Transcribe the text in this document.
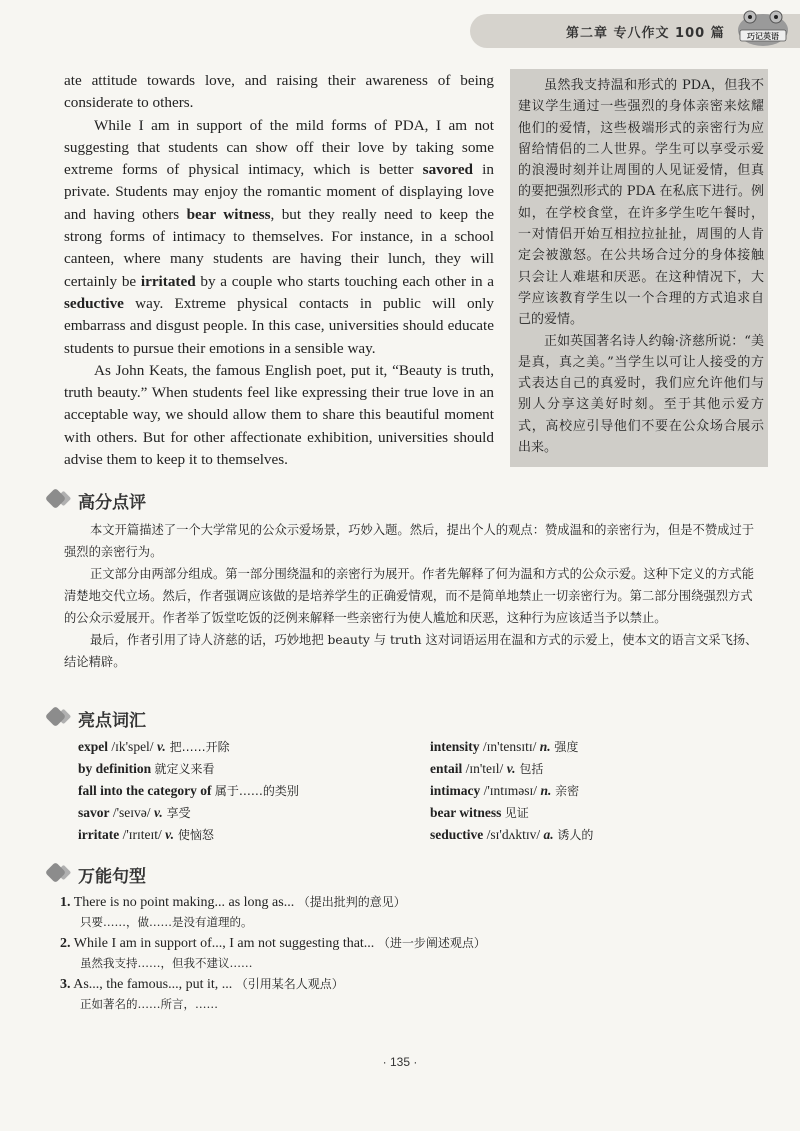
第二章 专八作文 100 篇	巧记英语

ate attitude towards love, and raising their awareness of being considerate to others.

While I am in support of the mild forms of PDA, I am not suggesting that students can show off their love by taking some extreme forms of physical intimacy, which is better savored in private. Students may enjoy the romantic moment of displaying love and having others bear witness, but they really need to keep the strong forms of intimacy to themselves. For instance, in a school canteen, where many students are having their lunch, they will certainly be irritated by a couple who starts touching each other in a seductive way. Extreme physical contacts in public will only embarrass and disgust people. In this case, universities should educate students to pursue their emotions in a sensible way.

As John Keats, the famous English poet, put it, “Beauty is truth, truth beauty.” When students feel like expressing their true love in an acceptable way, we should allow them to share this beautiful moment with others. But for other affectionate exhibition, universities should advise them to keep it to themselves.

虽然我支持温和形式的 PDA，但我不建议学生通过一些强烈的身体亲密来炫耀他们的爱情，这些极端形式的亲密行为应留给情侣的二人世界。学生可以享受示爱的浪漫时刻并让周围的人见证爱情，但真的要把强烈形式的 PDA 在私底下进行。例如，在学校食堂，在许多学生吃午餐时，一对情侣开始互相拉拉扯扯，周围的人肯定会被激怒。在公共场合过分的身体接触只会让人难堪和厌恶。在这种情况下，大学应该教育学生以一个合理的方式追求自己的爱情。

正如英国著名诗人约翰·济慈所说：“美是真，真之美。”当学生以可让人接受的方式表达自己的真爱时，我们应允许他们与别人分享这美好时刻。至于其他示爱方式，高校应引导他们不要在公众场合展示出来。

高分点评

本文开篇描述了一个大学常见的公众示爱场景，巧妙入题。然后，提出个人的观点：赞成温和的亲密行为，但是不赞成过于强烈的亲密行为。

正文部分由两部分组成。第一部分围绕温和的亲密行为展开。作者先解释了何为温和方式的公众示爱。这种下定义的方式能清楚地交代立场。然后，作者强调应该做的是培养学生的正确爱情观，而不是简单地禁止一切亲密行为。第二部分围绕强烈方式的公众示爱展开。作者举了饭堂吃饭的泛例来解释一些亲密行为使人尴尬和厌恶，这种行为应该适当予以禁止。

最后，作者引用了诗人济慈的话，巧妙地把 beauty 与 truth 这对词语运用在温和方式的示爱上，使本文的语言文采飞扬、结论精辟。

亮点词汇
expel /ɪk'spel/ v. 把……开除	intensity /ɪn'tensɪtɪ/ n. 强度
by definition 就定义来看	entail /ɪn'teɪl/ v. 包括
fall into the category of 属于……的类别	intimacy /'ɪntɪməsɪ/ n. 亲密
savor /'seɪvə/ v. 享受	bear witness 见证
irritate /'ɪrɪteɪt/ v. 使恼怒	seductive /sɪ'dʌktɪv/ a. 诱人的
万能句型
1. There is no point making... as long as... （提出批判的意见）
只要……，做……是没有道理的。
2. While I am in support of..., I am not suggesting that... （进一步阐述观点）
虽然我支持……，但我不建议……
3. As..., the famous..., put it, ... （引用某名人观点）
正如著名的……所言，……
· 135 ·
